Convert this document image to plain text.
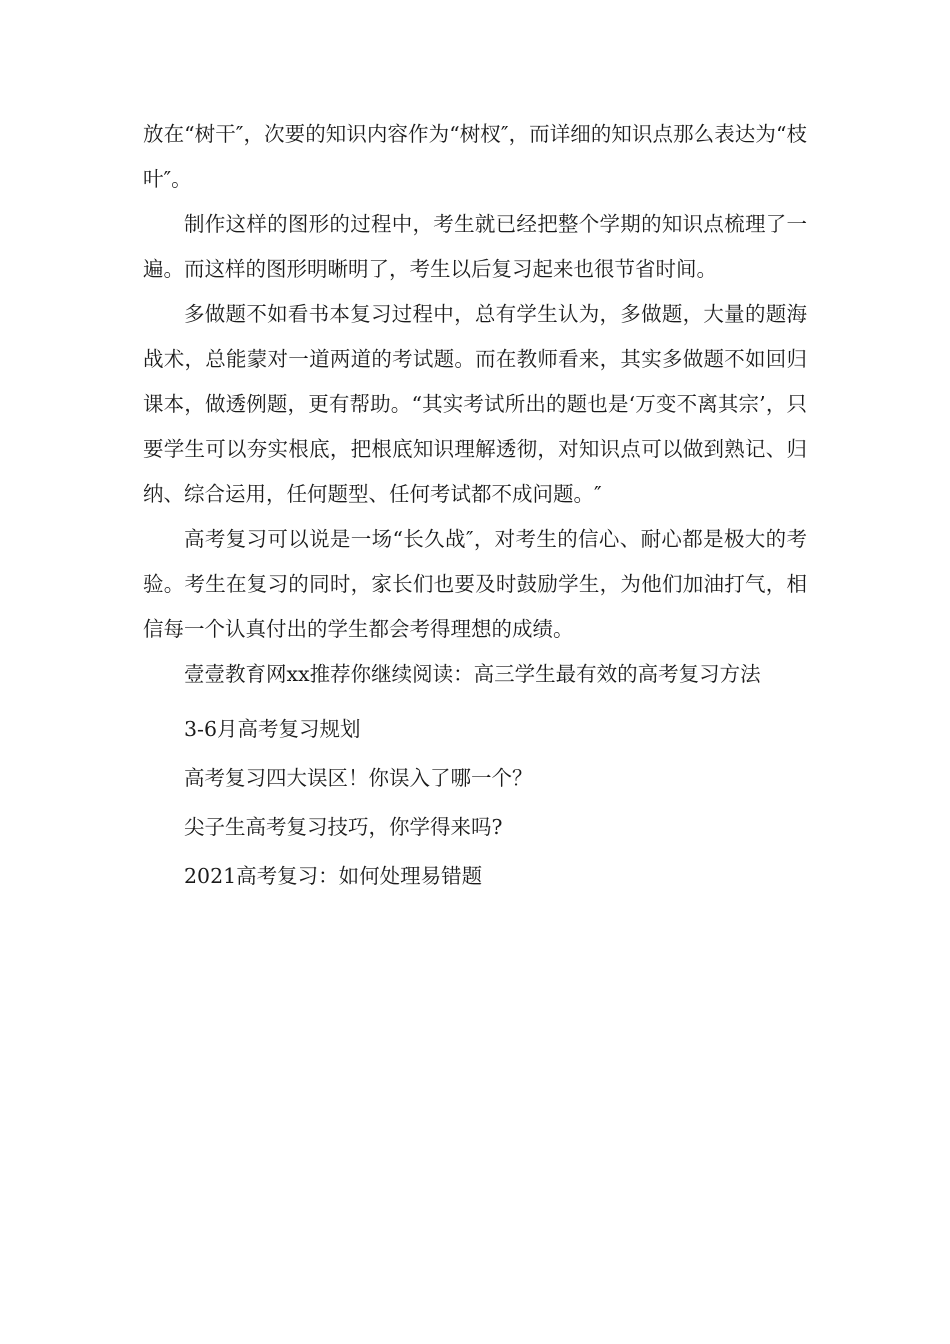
放在“树干″，次要的知识内容作为“树杈″，而详细的知识点那么表达为“枝叶″。

制作这样的图形的过程中，考生就已经把整个学期的知识点梳理了一遍。而这样的图形明晰明了，考生以后复习起来也很节省时间。

多做题不如看书本复习过程中，总有学生认为，多做题，大量的题海战术，总能蒙对一道两道的考试题。而在教师看来，其实多做题不如回归课本，做透例题，更有帮助。“其实考试所出的题也是‘万变不离其宗’，只要学生可以夯实根底，把根底知识理解透彻，对知识点可以做到熟记、归纳、综合运用，任何题型、任何考试都不成问题。″

高考复习可以说是一场“长久战″，对考生的信心、耐心都是极大的考验。考生在复习的同时，家长们也要及时鼓励学生，为他们加油打气，相信每一个认真付出的学生都会考得理想的成绩。

壹壹教育网xx推荐你继续阅读：高三学生最有效的高考复习方法

3-6月高考复习规划

高考复习四大误区！你误入了哪一个？

尖子生高考复习技巧，你学得来吗?

2021高考复习：如何处理易错题
